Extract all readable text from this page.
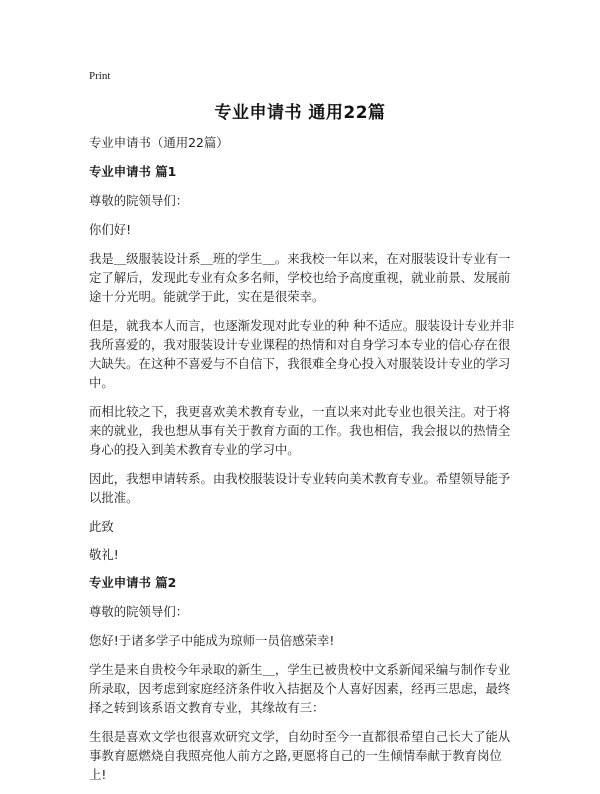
Print
专业申请书 通用22篇

专业申请书（通用22篇）

专业申请书 篇1

尊敬的院领导们：

你们好!

我是＿级服装设计系＿班的学生＿。来我校一年以来，在对服装设计专业有一定了解后，发现此专业有众多名师，学校也给予高度重视，就业前景、发展前途十分光明。能就学于此，实在是很荣幸。

但是，就我本人而言，也逐渐发现对此专业的种 种不适应。服装设计专业并非我所喜爱的，我对服装设计专业课程的热情和对自身学习本专业的信心存在很大缺失。在这种不喜爱与不自信下，我很难全身心投入对服装设计专业的学习中。

而相比较之下，我更喜欢美术教育专业，一直以来对此专业也很关注。对于将来的就业，我也想从事有关于教育方面的工作。我也相信，我会报以的热情全身心的投入到美术教育专业的学习中。

因此，我想申请转系。由我校服装设计专业转向美术教育专业。希望领导能予以批准。

此致

敬礼!

专业申请书 篇2

尊敬的院领导们：

您好!于诸多学子中能成为琼师一员倍感荣幸!

学生是来自贵校今年录取的新生＿，学生已被贵校中文系新闻采编与制作专业所录取，因考虑到家庭经济条件收入拮据及个人喜好因素，经再三思虑，最终择之转到该系语文教育专业，其缘故有三：

生很是喜欢文学也很喜欢研究文学，自幼时至今一直都很希望自己长大了能从事教育愿燃烧自我照亮他人前方之路,更愿将自己的一生倾情奉献于教育岗位上!
